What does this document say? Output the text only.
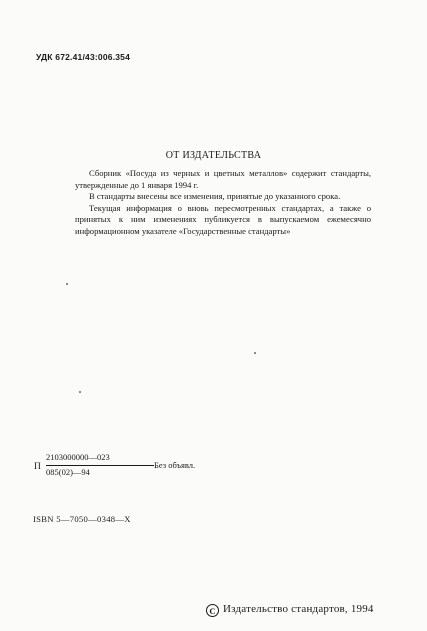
УДК 672.41/43:006.354
ОТ ИЗДАТЕЛЬСТВА

Сборник «Посуда из черных и цветных металлов» содержит стандарты, утвержденные до 1 января 1994 г.

В стандарты внесены все изменения, принятые до указанного срока.

Текущая информация о вновь пересмотренных стандартах, а также о принятых к ним изменениях публикуется в выпускаемом ежемесячно информационном указателе «Государственные стандарты»

П
2103000000—023
085(02)—94
Без объявл.
ISBN 5—7050—0348—X
C Издательство стандартов, 1994
